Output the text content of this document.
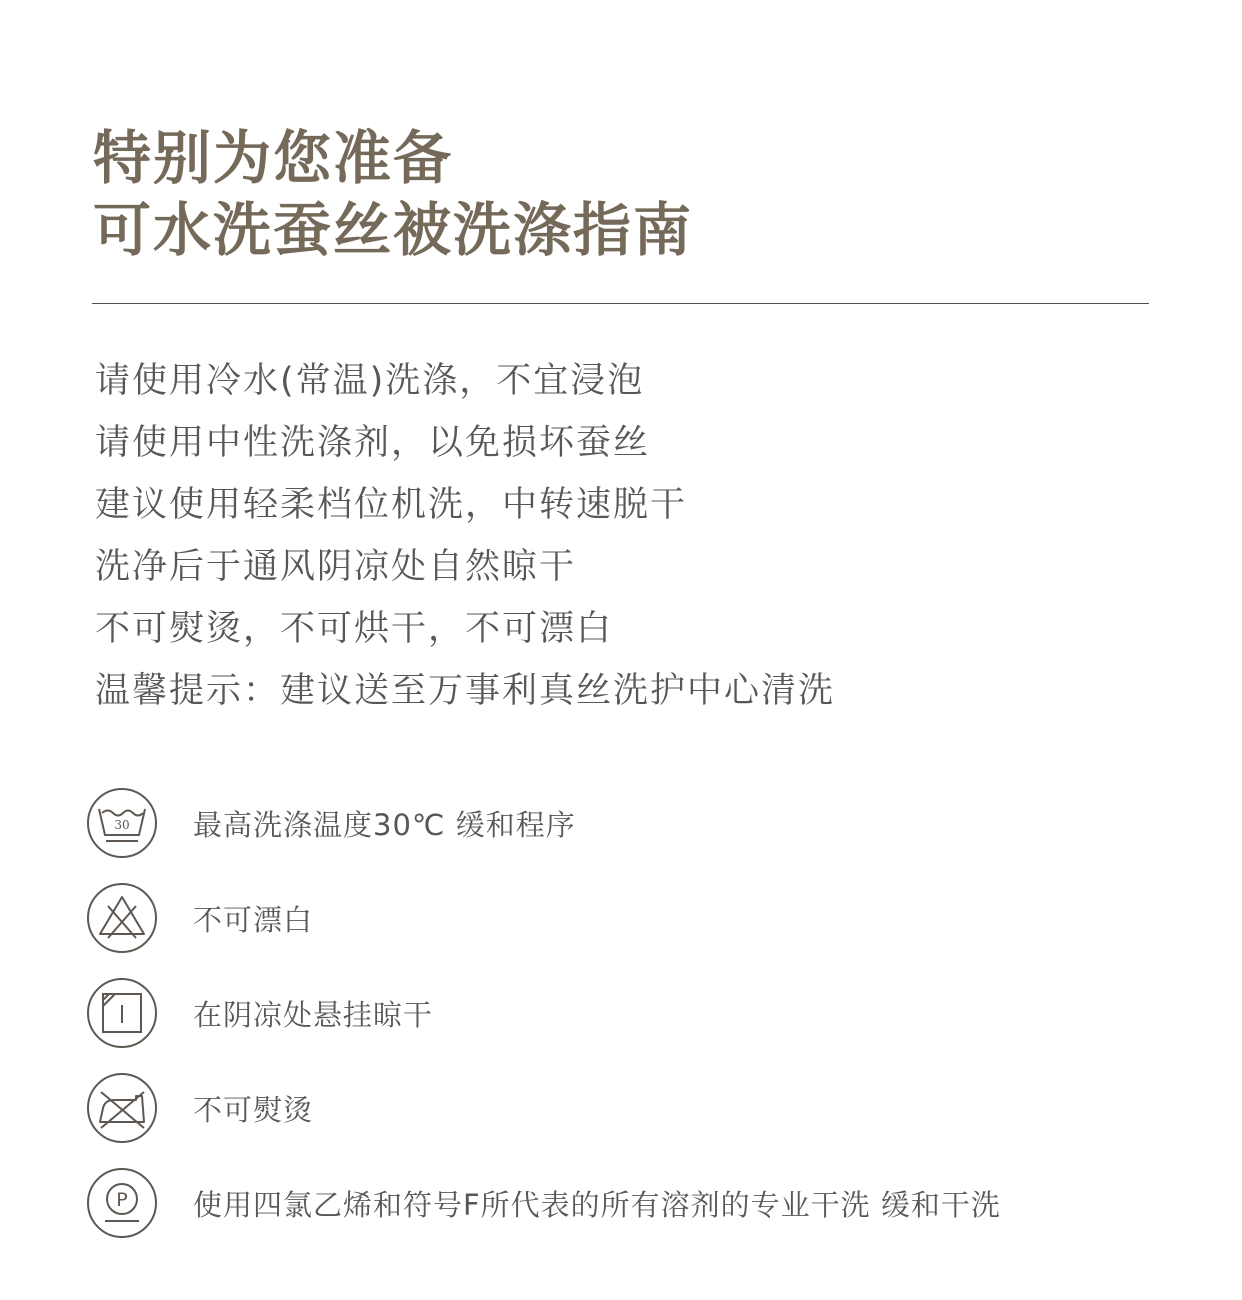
特别为您准备
可水洗蚕丝被洗涤指南
请使用冷水(常温)洗涤，不宜浸泡
请使用中性洗涤剂，以免损坏蚕丝
建议使用轻柔档位机洗，中转速脱干
洗净后于通风阴凉处自然晾干
不可熨烫，不可烘干，不可漂白
温馨提示：建议送至万事利真丝洗护中心清洗
30 最高洗涤温度30℃ 缓和程序
不可漂白
在阴凉处悬挂晾干
不可熨烫
P 使用四氯乙烯和符号F所代表的所有溶剂的专业干洗 缓和干洗
